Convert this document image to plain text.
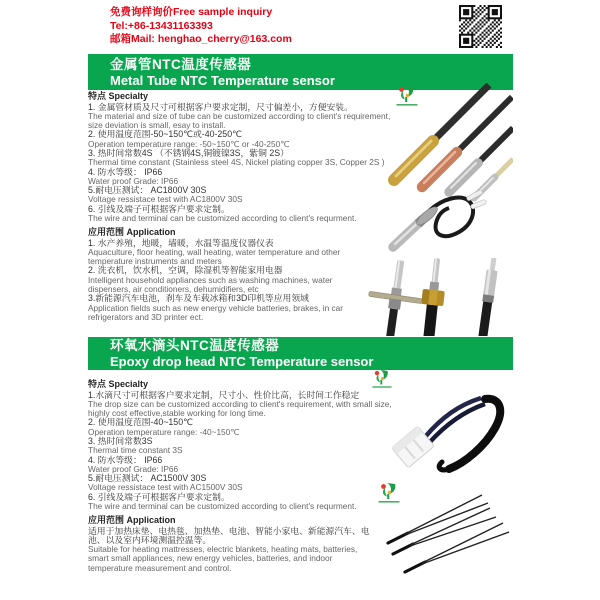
免费询样询价Free sample inquiry
Tel:+86-13431163393
邮箱Mail: henghao_cherry@163.com
金属管NTC温度传感器
Metal Tube NTC Temperature sensor
特点 Specialty
1. 金属管材质及尺寸可根据客户要求定制，尺寸偏差小，方便安装。
The material and size of tube can be customized according to client's requirement,
size deviation is small, esay to install.
2. 使用温度范围-50~150℃或-40-250℃
Operation temperature range: -50~150℃ or -40-250℃
3. 热时间常数4S （不锈钢4S,铜镀镍3S，紫铜 2S）
Thermal time constant (Stainless steel 4S, Nickel plating copper 3S, Copper 2S )
4. 防水等级： IP66
Water proof Grade: IP66
5.耐电压测试： AC1800V 30S
Voltage ressistace test with AC1800V 30S
6. 引线及端子可根据客户要求定制。
The wire and terminal can be customized according to client's requrment.
应用范围 Application
1. 水产养殖，地暖，墙暖，水温等温度仪器仪表
Aquaculture, floor heating, wall heating, water temperature and other
temperature instruments and meters
2. 洗衣机，饮水机，空调，除湿机等智能家用电器
Intelligent household appliances such as washing machines, water
dispensers, air conditioners, dehumidifiers, etc
3.新能源汽车电池，刹车及车载冰箱和3D印机等应用领域
Application fields such as new energy vehicle batteries, brakes, in car
refrigerators and 3D printer ect.
环氧水滴头NTC温度传感器
Epoxy drop head NTC Temperature sensor
特点 Specialty
1.水滴尺寸可根据客户要求定制，尺寸小、性价比高，长时间工作稳定
The drop size can be customized according to client's requirement, with small size,
highly cost effective,stable working for long time.
2. 使用温度范围-40~150℃
Operation temperature range: -40~150℃
3. 热时间常数3S
Thermal time constant 3S
4. 防水等级： IP66
Water proof Grade: IP66
5.耐电压测试： AC1500V 30S
Voltage ressistace test with AC1500V 30S
6. 引线及端子可根据客户要求定制。
The wire and terminal can be customized according to client's requrment.
应用范围 Application
适用于加热床垫、电热毯、加热垫、电池、智能小家电、新能源汽车、电
池、以及室内环境测温控温等。
Suitable for heating mattresses, electric blankets, heating mats, batteries,
smart small appliances, new energy vehicles, batteries, and indoor
temperature measurement and control.
